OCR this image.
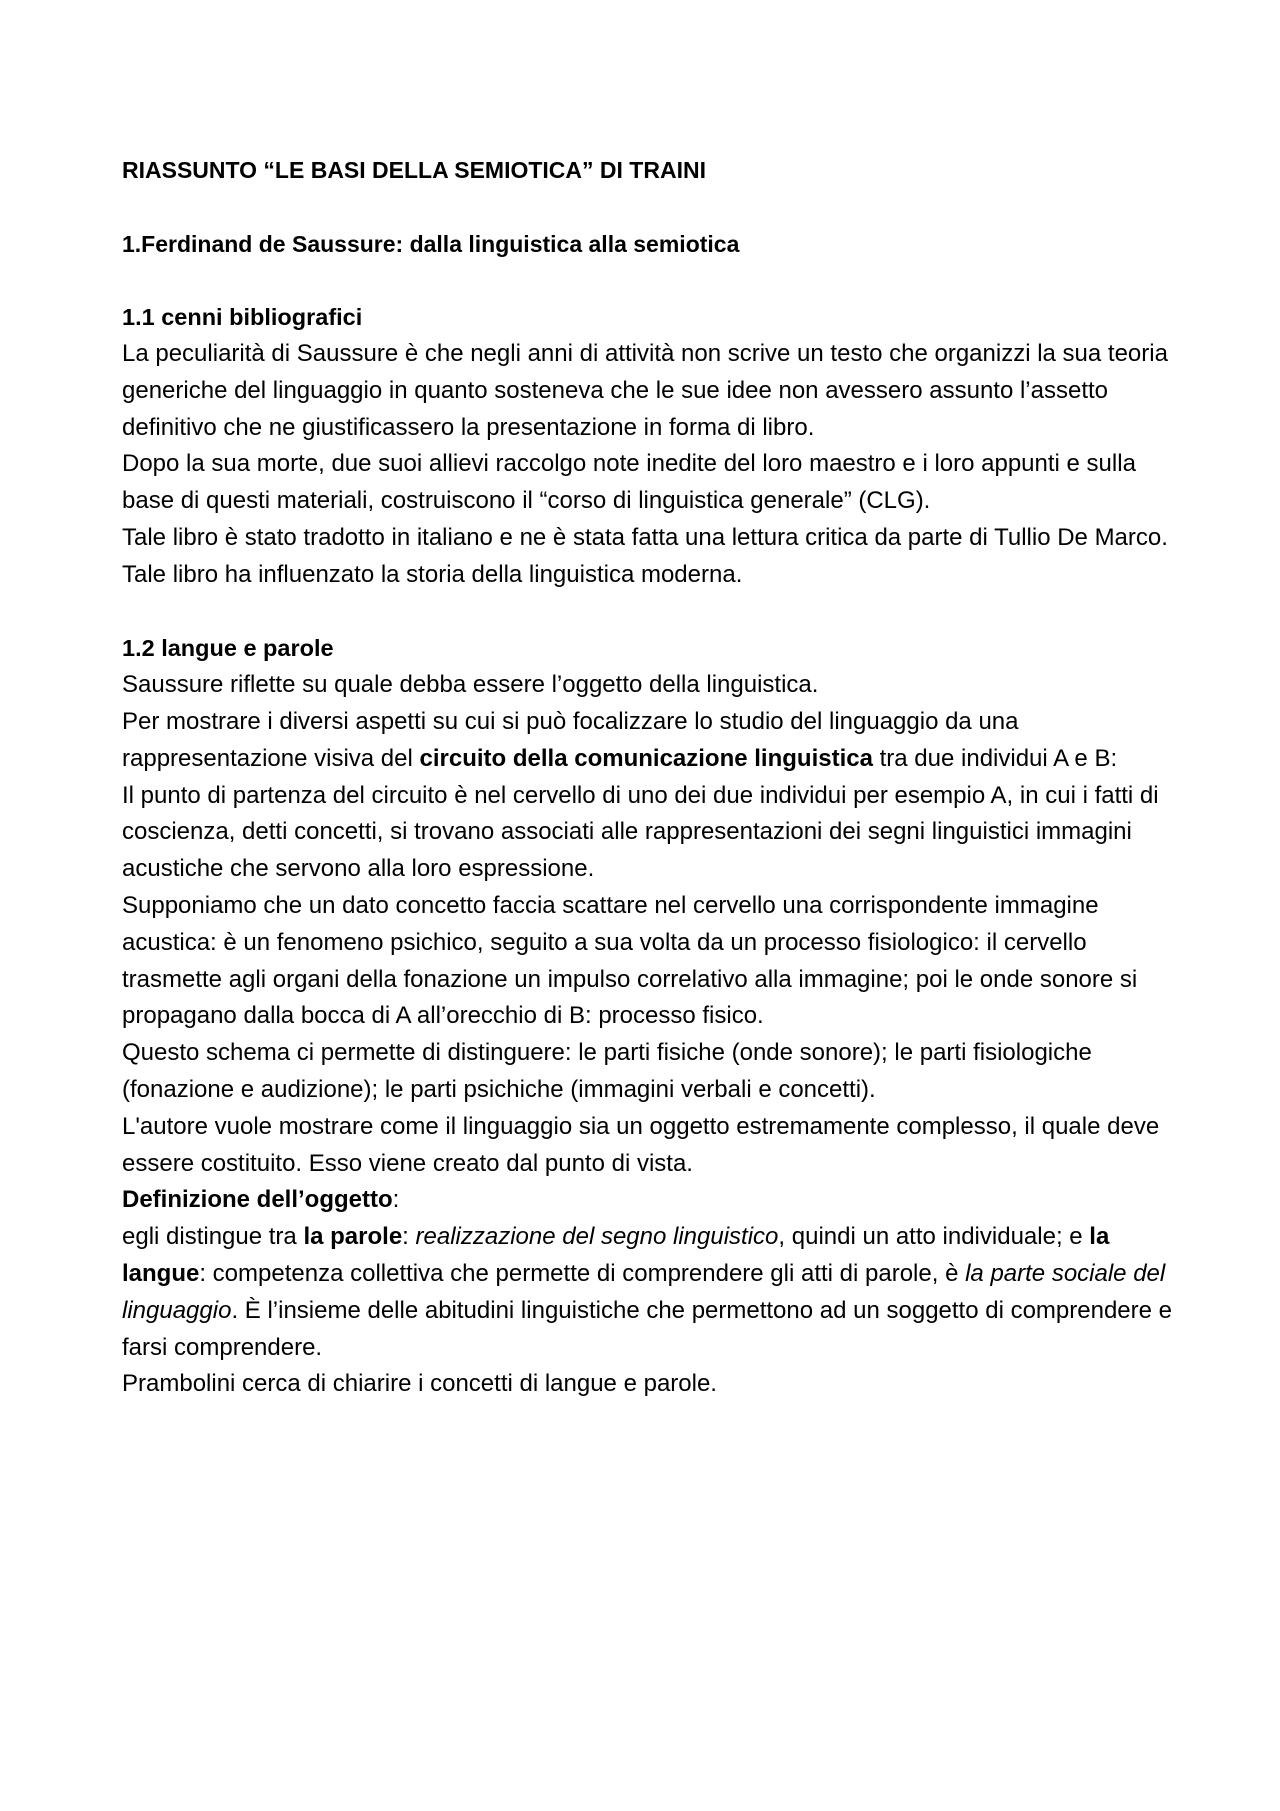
RIASSUNTO “LE BASI DELLA SEMIOTICA” DI TRAINI
1.Ferdinand de Saussure: dalla linguistica alla semiotica
1.1 cenni bibliografici

La peculiarità di Saussure è che negli anni di attività non scrive un testo che organizzi la sua teoria generiche del linguaggio in quanto sosteneva che le sue idee non avessero assunto l’assetto definitivo che ne giustificassero la presentazione in forma di libro.

Dopo la sua morte, due suoi allievi raccolgo note inedite del loro maestro e i loro appunti e sulla base di questi materiali, costruiscono il “corso di linguistica generale” (CLG).

Tale libro è stato tradotto in italiano e ne è stata fatta una lettura critica da parte di Tullio De Marco.

Tale libro ha influenzato la storia della linguistica moderna.

1.2 langue e parole

Saussure riflette su quale debba essere l’oggetto della linguistica.

Per mostrare i diversi aspetti su cui si può focalizzare lo studio del linguaggio da una rappresentazione visiva del circuito della comunicazione linguistica tra due individui A e B:

Il punto di partenza del circuito è nel cervello di uno dei due individui per esempio A, in cui i fatti di coscienza, detti concetti, si trovano associati alle rappresentazioni dei segni linguistici immagini acustiche che servono alla loro espressione.

Supponiamo che un dato concetto faccia scattare nel cervello una corrispondente immagine acustica: è un fenomeno psichico, seguito a sua volta da un processo fisiologico: il cervello trasmette agli organi della fonazione un impulso correlativo alla immagine; poi le onde sonore si propagano dalla bocca di A all’orecchio di B: processo fisico.

Questo schema ci permette di distinguere: le parti fisiche (onde sonore); le parti fisiologiche (fonazione e audizione); le parti psichiche (immagini verbali e concetti).

L'autore vuole mostrare come il linguaggio sia un oggetto estremamente complesso, il quale deve essere costituito. Esso viene creato dal punto di vista.

Definizione dell’oggetto:

egli distingue tra la parole: realizzazione del segno linguistico, quindi un atto individuale; e la langue: competenza collettiva che permette di comprendere gli atti di parole, è la parte sociale del linguaggio. È l’insieme delle abitudini linguistiche che permettono ad un soggetto di comprendere e farsi comprendere.

Prambolini cerca di chiarire i concetti di langue e parole.
